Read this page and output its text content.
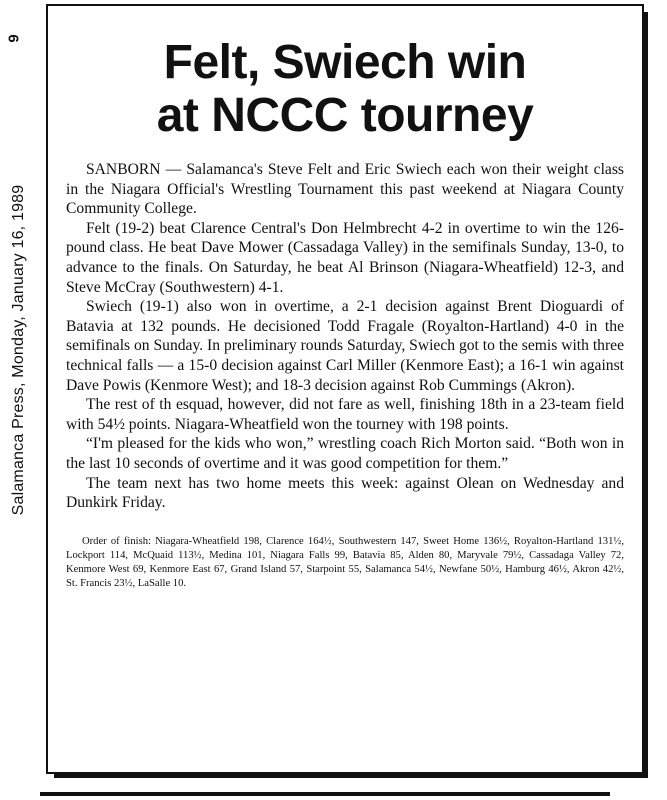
9
Salamanca Press, Monday, January 16, 1989
Felt, Swiech win
at NCCC tourney

SANBORN — Salamanca's Steve Felt and Eric Swiech each won their weight class in the Niagara Official's Wrestling Tournament this past weekend at Niagara County Community College.

Felt (19-2) beat Clarence Central's Don Helmbrecht 4-2 in overtime to win the 126-pound class. He beat Dave Mower (Cassadaga Valley) in the semifinals Sunday, 13-0, to advance to the finals. On Saturday, he beat Al Brinson (Niagara-Wheatfield) 12-3, and Steve McCray (Southwestern) 4-1.

Swiech (19-1) also won in overtime, a 2-1 decision against Brent Dioguardi of Batavia at 132 pounds. He decisioned Todd Fragale (Royalton-Hartland) 4-0 in the semifinals on Sunday. In preliminary rounds Saturday, Swiech got to the semis with three technical falls — a 15-0 decision against Carl Miller (Kenmore East); a 16-1 win against Dave Powis (Kenmore West); and 18-3 decision against Rob Cummings (Akron).

The rest of th esquad, however, did not fare as well, finishing 18th in a 23-team field with 54½ points. Niagara-Wheatfield won the tourney with 198 points.

“I'm pleased for the kids who won,” wrestling coach Rich Morton said. “Both won in the last 10 seconds of overtime and it was good competition for them.”

The team next has two home meets this week: against Olean on Wednesday and Dunkirk Friday.

Order of finish: Niagara-Wheatfield 198, Clarence 164½, Southwestern 147, Sweet Home 136½, Royalton-Hartland 131½, Lockport 114, McQuaid 113½, Medina 101, Niagara Falls 99, Batavia 85, Alden 80, Maryvale 79½, Cassadaga Valley 72, Kenmore West 69, Kenmore East 67, Grand Island 57, Starpoint 55, Salamanca 54½, Newfane 50½, Hamburg 46½, Akron 42½, St. Francis 23½, LaSalle 10.
